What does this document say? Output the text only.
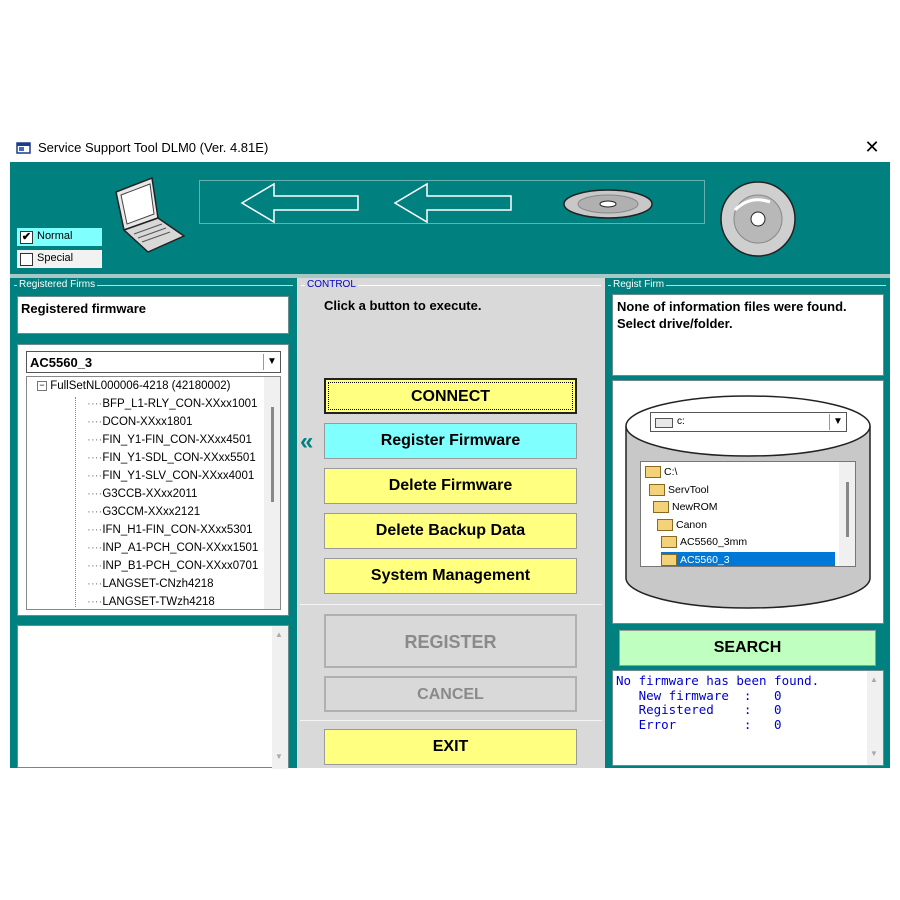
Service Support Tool DLM0 (Ver. 4.81E)	✕
✔ Normal
Special
Registered Firms
Registered firmware
AC5560_3	▼
− FullSetNL000006-4218 (42180002)
····BFP_L1-RLY_CON-XXxx1001
····DCON-XXxx1801
····FIN_Y1-FIN_CON-XXxx4501
····FIN_Y1-SDL_CON-XXxx5501
····FIN_Y1-SLV_CON-XXxx4001
····G3CCB-XXxx2011
····G3CCM-XXxx2121
····IFN_H1-FIN_CON-XXxx5301
····INP_A1-PCH_CON-XXxx1501
····INP_B1-PCH_CON-XXxx0701
····LANGSET-CNzh4218
····LANGSET-TWzh4218
▲
▼
CONTROL
Click a button to execute.
CONNECT
«	Register Firmware
Delete Firmware
Delete Backup Data
System Management
REGISTER
CANCEL
EXIT
Regist Firm
None of information files were found.
Select drive/folder.
c:	▼
C:\
ServTool
NewROM
Canon
AC5560_3mm
AC5560_3
SEARCH
No firmware has been found.
New firmware  :   0
Registered    :   0
Error         :   0
▲
▼
